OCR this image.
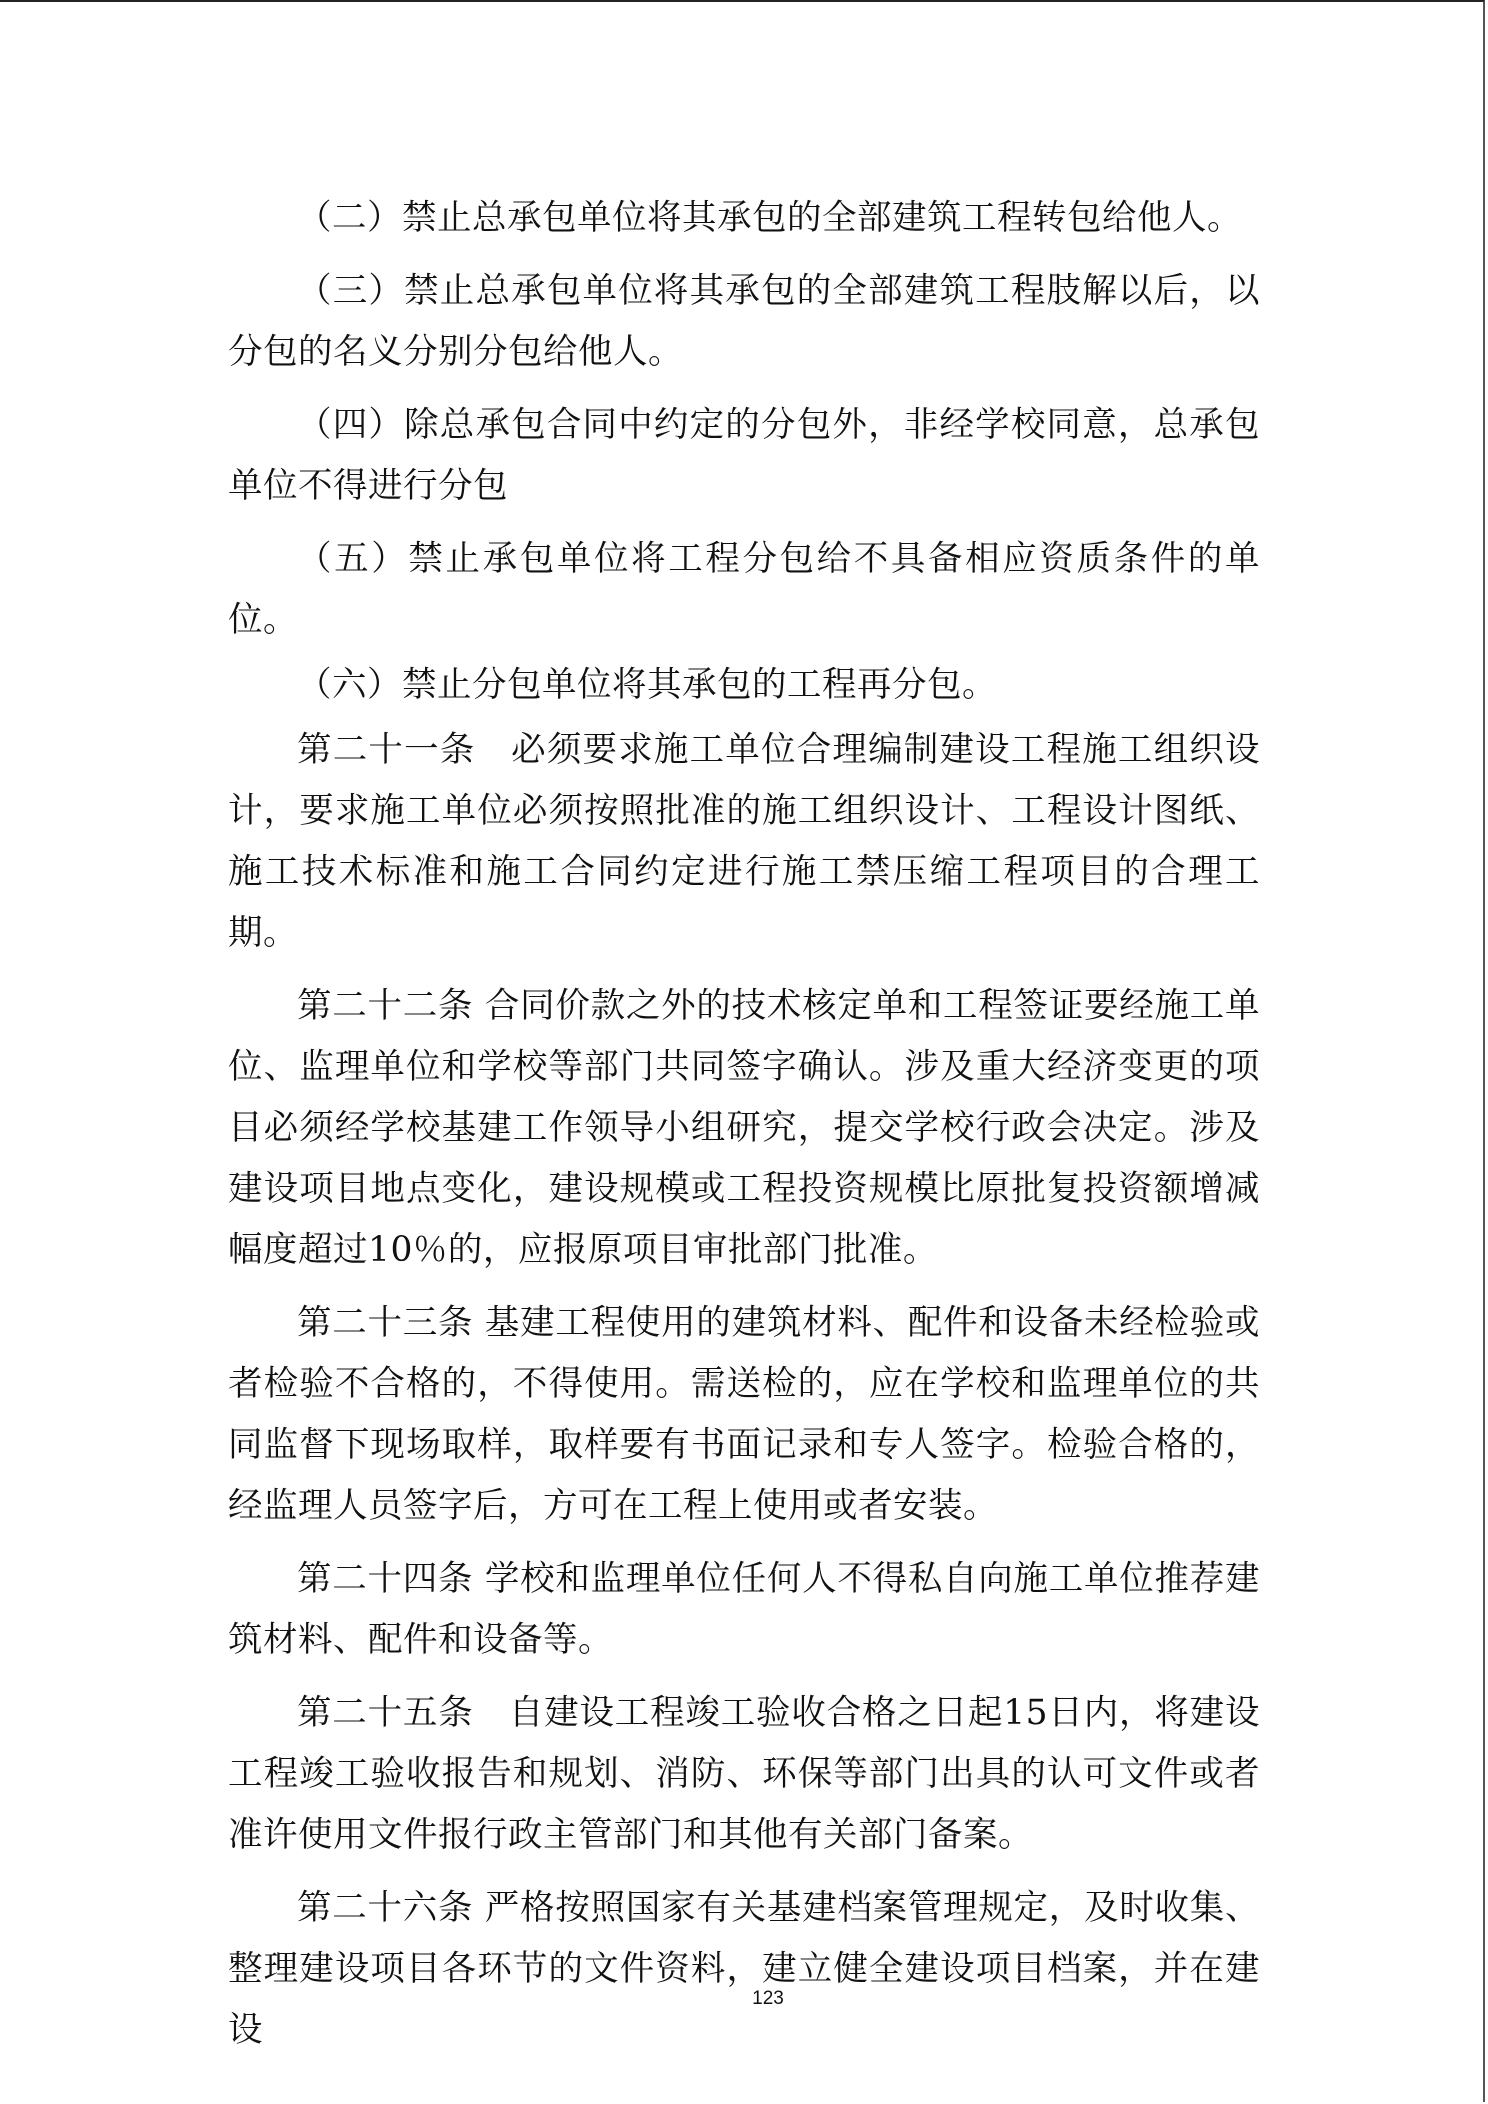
（二）禁止总承包单位将其承包的全部建筑工程转包给他人。

（三）禁止总承包单位将其承包的全部建筑工程肢解以后，以分包的名义分别分包给他人。

（四）除总承包合同中约定的分包外，非经学校同意，总承包单位不得进行分包

（五）禁止承包单位将工程分包给不具备相应资质条件的单位。

（六）禁止分包单位将其承包的工程再分包。

第二十一条　必须要求施工单位合理编制建设工程施工组织设计，要求施工单位必须按照批准的施工组织设计、工程设计图纸、施工技术标准和施工合同约定进行施工禁压缩工程项目的合理工期。

第二十二条 合同价款之外的技术核定单和工程签证要经施工单位、监理单位和学校等部门共同签字确认。涉及重大经济变更的项目必须经学校基建工作领导小组研究，提交学校行政会决定。涉及建设项目地点变化，建设规模或工程投资规模比原批复投资额增减幅度超过10％的，应报原项目审批部门批准。

第二十三条 基建工程使用的建筑材料、配件和设备未经检验或者检验不合格的，不得使用。需送检的，应在学校和监理单位的共同监督下现场取样，取样要有书面记录和专人签字。检验合格的，经监理人员签字后，方可在工程上使用或者安装。

第二十四条 学校和监理单位任何人不得私自向施工单位推荐建筑材料、配件和设备等。

第二十五条　自建设工程竣工验收合格之日起15日内，将建设工程竣工验收报告和规划、消防、环保等部门出具的认可文件或者准许使用文件报行政主管部门和其他有关部门备案。

第二十六条 严格按照国家有关基建档案管理规定，及时收集、整理建设项目各环节的文件资料，建立健全建设项目档案，并在建设

123
